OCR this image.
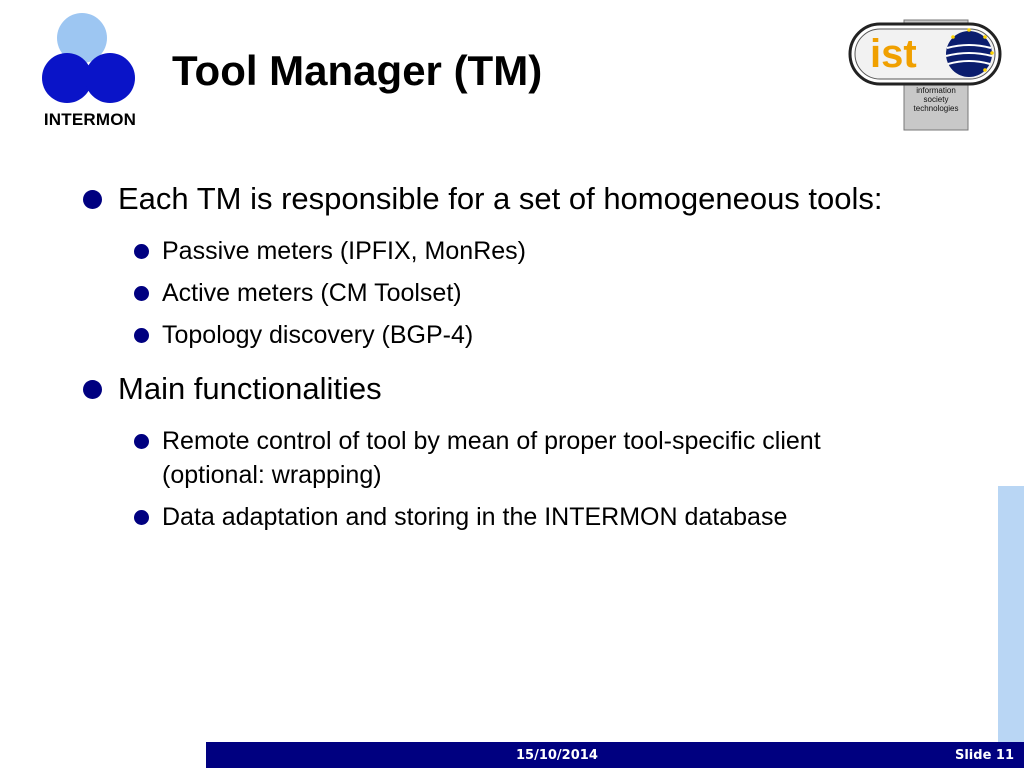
INTERMON
Tool Manager (TM)	ist
information
society
technologies
Each TM is responsible for a set of homogeneous tools:
Passive meters (IPFIX, MonRes)
Active meters (CM Toolset)
Topology discovery (BGP-4)
Main functionalities
Remote control of tool by mean of proper tool-specific client (optional: wrapping)
Data adaptation and storing in the INTERMON database
15/10/2014	Slide 11
